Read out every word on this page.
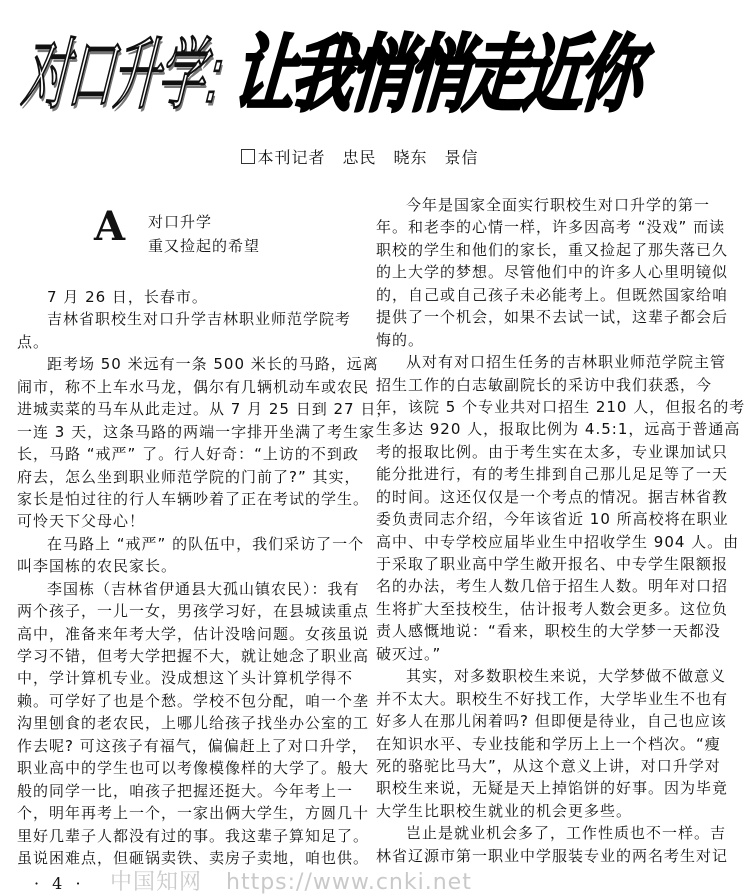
对口升学:
让我悄悄走近你
本刊记者　忠民　晓东　景信
A 对口升学
重又捡起的希望
7 月 26 日，长春市。
吉林省职校生对口升学吉林职业师范学院考
点。
距考场 50 米远有一条 500 米长的马路，远离
闹市，称不上车水马龙，偶尔有几辆机动车或农民
进城卖菜的马车从此走过。从 7 月 25 日到 27 日，
一连 3 天，这条马路的两端一字排开坐满了考生家
长，马路 “戒严” 了。行人好奇：“上访的不到政
府去，怎么坐到职业师范学院的门前了?” 其实，
家长是怕过往的行人车辆吵着了正在考试的学生。
可怜天下父母心！
在马路上 “戒严” 的队伍中，我们采访了一个
叫李国栋的农民家长。
李国栋（吉林省伊通县大孤山镇农民）：我有
两个孩子，一儿一女，男孩学习好，在县城读重点
高中，准备来年考大学，估计没啥问题。女孩虽说
学习不错，但考大学把握不大，就让她念了职业高
中，学计算机专业。没成想这丫头计算机学得不
赖。可学好了也是个愁。学校不包分配，咱一个垄
沟里刨食的老农民，上哪儿给孩子找坐办公室的工
作去呢? 可这孩子有福气，偏偏赶上了对口升学，
职业高中的学生也可以考像模像样的大学了。般大
般的同学一比，咱孩子把握还挺大。今年考上一
个，明年再考上一个，一家出俩大学生，方圆几十
里好几辈子人都没有过的事。我这辈子算知足了。
虽说困难点，但砸锅卖铁、卖房子卖地，咱也供。
今年是国家全面实行职校生对口升学的第一
年。和老李的心情一样，许多因高考 “没戏” 而读
职校的学生和他们的家长，重又捡起了那失落已久
的上大学的梦想。尽管他们中的许多人心里明镜似
的，自己或自己孩子未必能考上。但既然国家给咱
提供了一个机会，如果不去试一试，这辈子都会后
悔的。
从对有对口招生任务的吉林职业师范学院主管
招生工作的白志敏副院长的采访中我们获悉，今
年，该院 5 个专业共对口招生 210 人，但报名的考
生多达 920 人，报取比例为 4.5:1，远高于普通高
考的报取比例。由于考生实在太多，专业课加试只
能分批进行，有的考生排到自己那儿足足等了一天
的时间。这还仅仅是一个考点的情况。据吉林省教
委负责同志介绍，今年该省近 10 所高校将在职业
高中、中专学校应届毕业生中招收学生 904 人。由
于采取了职业高中学生敞开报名、中专学生限额报
名的办法，考生人数几倍于招生人数。明年对口招
生将扩大至技校生，估计报考人数会更多。这位负
责人感慨地说：“看来，职校生的大学梦一天都没
破灭过。”
其实，对多数职校生来说，大学梦做不做意义
并不太大。职校生不好找工作，大学毕业生不也有
好多人在那儿闲着吗? 但即便是待业，自己也应该
在知识水平、专业技能和学历上上一个档次。“瘦
死的骆驼比马大”，从这个意义上讲，对口升学对
职校生来说，无疑是天上掉馅饼的好事。因为毕竟
大学生比职校生就业的机会更多些。
岂止是就业机会多了，工作性质也不一样。吉
林省辽源市第一职业中学服装专业的两名考生对记
中国知网 https://www.cnki.net
· 4 ·
